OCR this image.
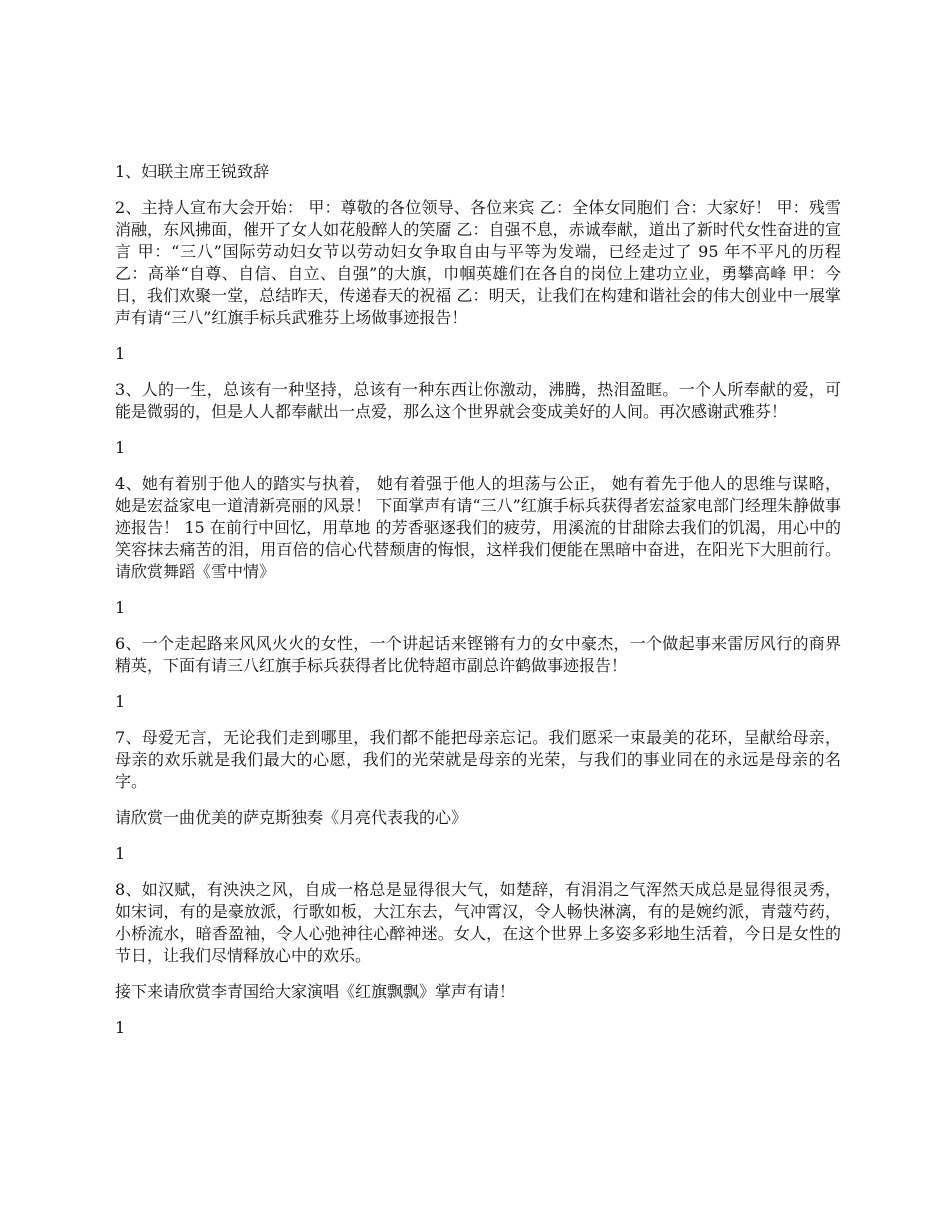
1、妇联主席王锐致辞

2、主持人宣布大会开始： 甲：尊敬的各位领导、各位来宾 乙：全体女同胞们 合：大家好！ 甲：残雪消融，东风拂面，催开了女人如花般醉人的笑靥 乙：自强不息，赤诚奉献，道出了新时代女性奋进的宣言 甲：“三八”国际劳动妇女节以劳动妇女争取自由与平等为发端，已经走过了 95 年不平凡的历程 乙：高举“自尊、自信、自立、自强”的大旗，巾帼英雄们在各自的岗位上建功立业，勇攀高峰 甲：今日，我们欢聚一堂，总结昨天，传递春天的祝福 乙：明天，让我们在构建和谐社会的伟大创业中一展掌声有请“三八”红旗手标兵武雅芬上场做事迹报告！

1

3、人的一生，总该有一种坚持，总该有一种东西让你激动，沸腾，热泪盈眶。一个人所奉献的爱，可能是微弱的，但是人人都奉献出一点爱，那么这个世界就会变成美好的人间。再次感谢武雅芬！

1

4、她有着别于他人的踏实与执着， 她有着强于他人的坦荡与公正， 她有着先于他人的思维与谋略， 她是宏益家电一道清新亮丽的风景！ 下面掌声有请“三八”红旗手标兵获得者宏益家电部门经理朱静做事迹报告！ 15 在前行中回忆，用草地 的芳香驱逐我们的疲劳，用溪流的甘甜除去我们的饥渴，用心中的笑容抹去痛苦的泪，用百倍的信心代替颓唐的悔恨，这样我们便能在黑暗中奋进，在阳光下大胆前行。请欣赏舞蹈《雪中情》

1

6、一个走起路来风风火火的女性，一个讲起话来铿锵有力的女中豪杰，一个做起事来雷厉风行的商界精英，下面有请三八红旗手标兵获得者比优特超市副总许鹤做事迹报告！

1

7、母爱无言，无论我们走到哪里，我们都不能把母亲忘记。我们愿采一束最美的花环，呈献给母亲，母亲的欢乐就是我们最大的心愿，我们的光荣就是母亲的光荣，与我们的事业同在的永远是母亲的名字。

请欣赏一曲优美的萨克斯独奏《月亮代表我的心》

1

8、如汉赋，有泱泱之风，自成一格总是显得很大气，如楚辞，有涓涓之气浑然天成总是显得很灵秀，如宋词，有的是豪放派，行歌如板，大江东去，气冲霄汉，令人畅快淋漓，有的是婉约派，青蔻芍药，小桥流水，暗香盈袖，令人心弛神往心醉神迷。女人，在这个世界上多姿多彩地生活着，今日是女性的节日，让我们尽情释放心中的欢乐。

接下来请欣赏李青国给大家演唱《红旗飘飘》掌声有请！

1
